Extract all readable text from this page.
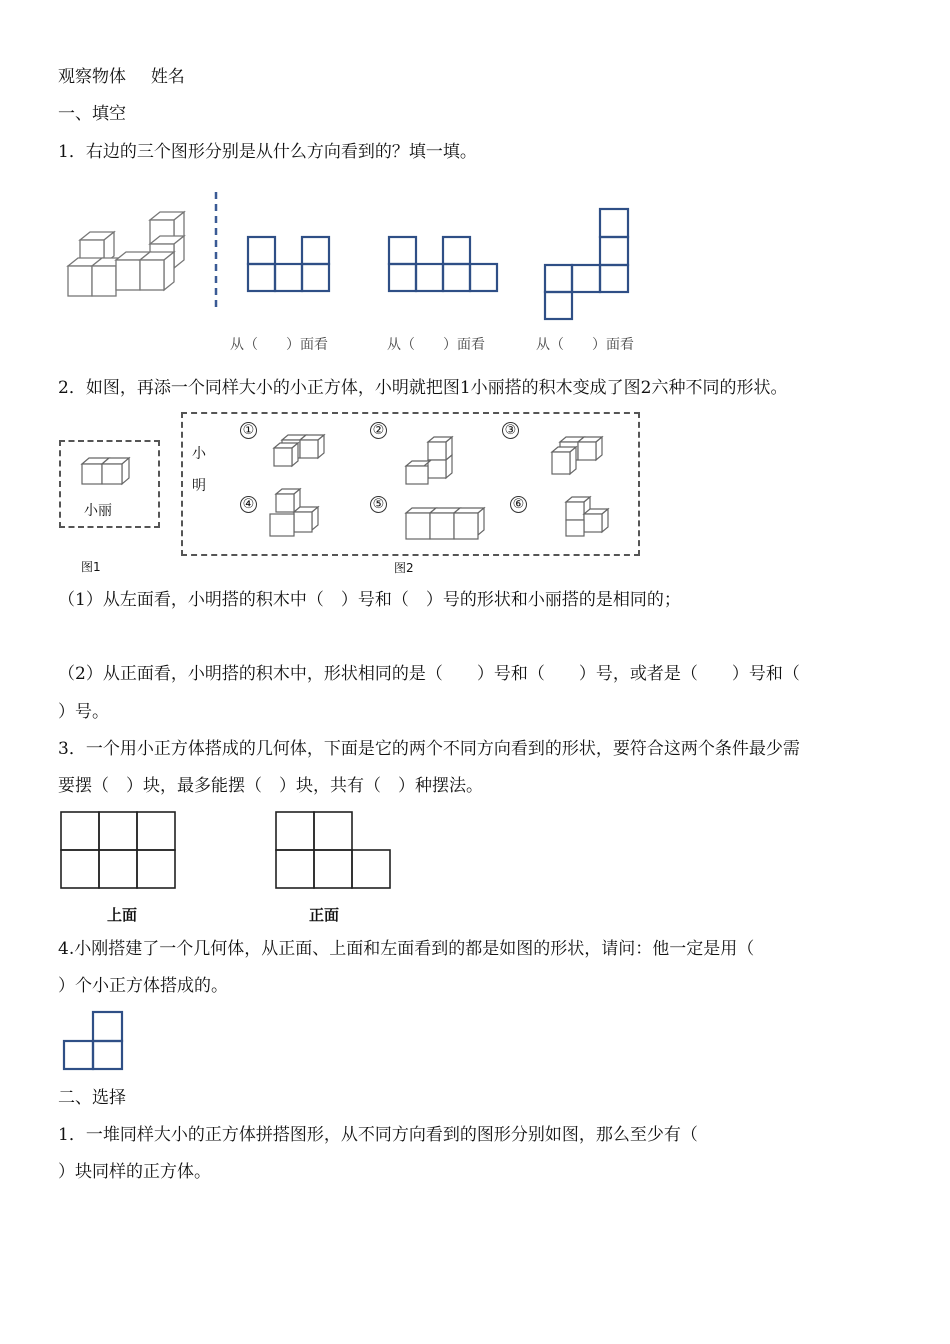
观察物体 姓名
一、填空
1．右边的三个图形分别是从什么方向看到的？填一填。
从（　　）面看	从（　　）面看	从（　　）面看
2．如图，再添一个同样大小的小正方体，小明就把图1小丽搭的积木变成了图2六种不同的形状。
小丽
图1
小
明
图2
①	②	③
④	⑤	⑥
（1）从左面看，小明搭的积木中（　）号和（　）号的形状和小丽搭的是相同的；
（2）从正面看，小明搭的积木中，形状相同的是（　　）号和（　　）号，或者是（　　）号和（
）号。
3．一个用小正方体搭成的几何体，下面是它的两个不同方向看到的形状，要符合这两个条件最少需
要摆（　）块，最多能摆（　）块，共有（　）种摆法。
上面	正面
4.小刚搭建了一个几何体，从正面、上面和左面看到的都是如图的形状，请问：他一定是用（
）个小正方体搭成的。
二、选择
1．一堆同样大小的正方体拼搭图形，从不同方向看到的图形分别如图，那么至少有（
）块同样的正方体。
